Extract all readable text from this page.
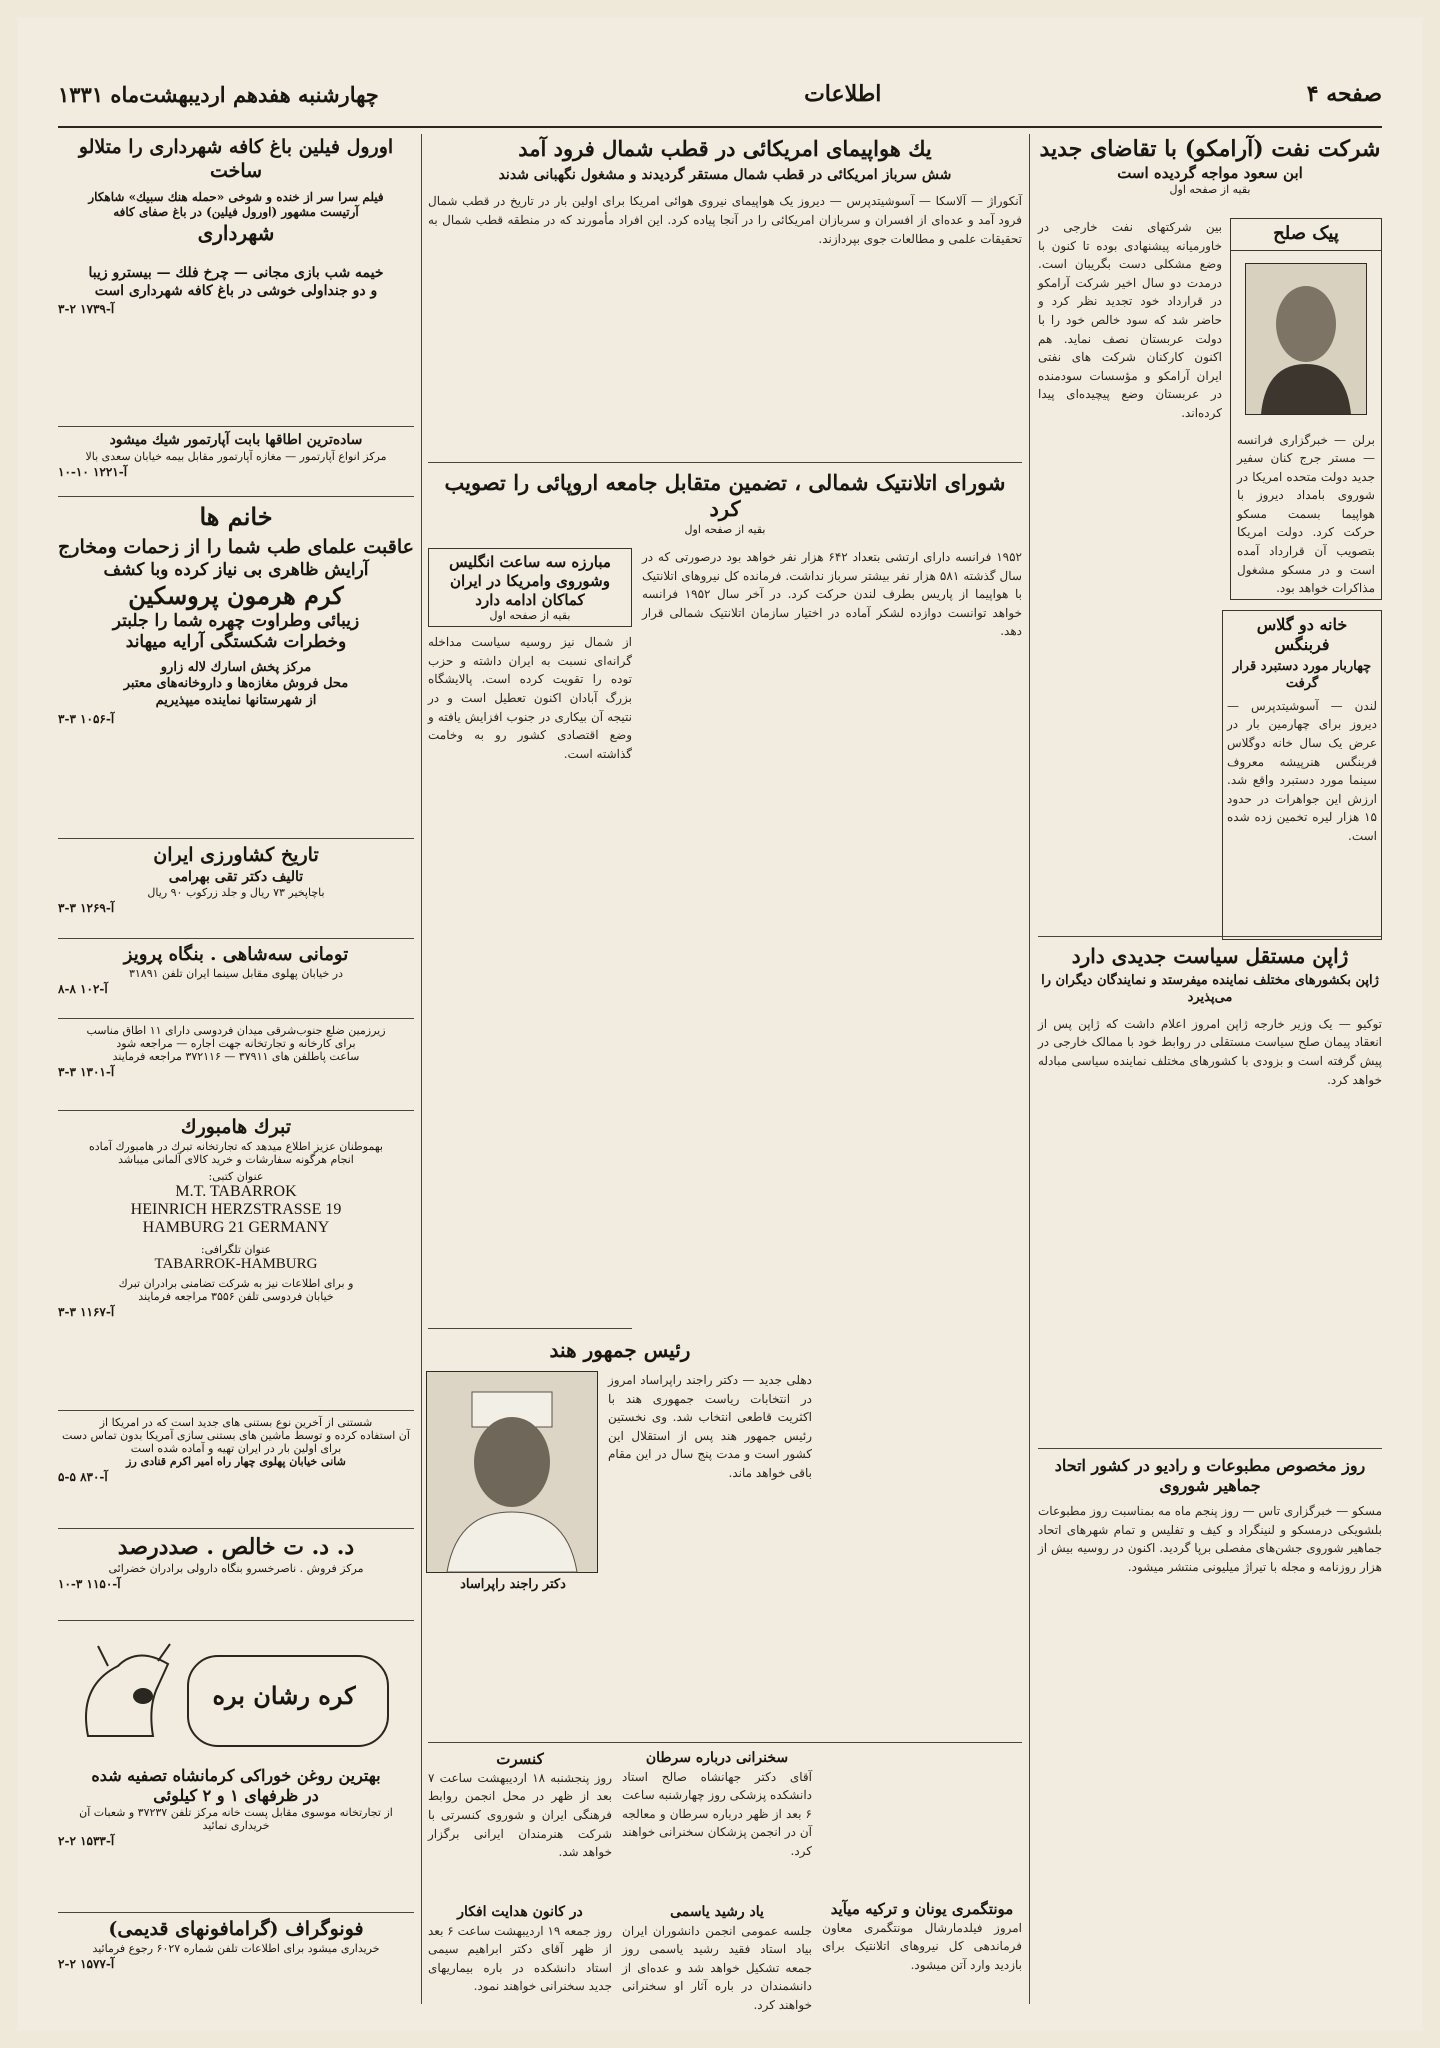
صفحه ۴
اطلاعات
چهارشنبه هفدهم اردیبهشت‌ماه ۱۳۳۱
شرکت نفت (آرامکو) با تقاضای جدید
ابن سعود مواجه گردیده است
بقیه از صفحه اول
بین شرکتهای نفت خارجی در خاورمیانه پیشنهادی بوده تا کنون با وضع مشکلی دست بگریبان است. درمدت دو سال اخیر شرکت آرامکو در قرارداد خود تجدید نظر کرد و حاضر شد که سود خالص خود را با دولت عربستان نصف نماید. هم اکنون کارکنان شرکت های نفتی ایران آرامکو و مؤسسات سودمنده در عربستان وضع پیچیده‌ای پیدا کرده‌اند.
پیک صلح
برلن — خبرگزاری فرانسه — مستر جرج کنان سفیر جدید دولت متحده امریکا در شوروی بامداد دیروز با هواپیما بسمت مسکو حرکت کرد. دولت امریکا بتصویب آن قرارداد آمده است و در مسکو مشغول مذاکرات خواهد بود.
خانه دو گلاس فربنگس
چهاربار مورد دستبرد قرار گرفت
لندن — آسوشیتدپرس — دیروز برای چهارمین بار در عرض یک سال خانه دوگلاس فربنگس هنرپیشه معروف سینما مورد دستبرد واقع شد. ارزش این جواهرات در حدود ۱۵ هزار لیره تخمین زده شده است.
ژاپن مستقل سیاست جدیدی دارد
ژاپن بکشورهای مختلف نماینده میفرستد و نمایندگان دیگران را می‌پذیرد
توکیو — یک وزیر خارجه ژاپن امروز اعلام داشت که ژاپن پس از انعقاد پیمان صلح سیاست مستقلی در روابط خود با ممالک خارجی در پیش گرفته است و بزودی با کشورهای مختلف نماینده سیاسی مبادله خواهد کرد.
روز مخصوص مطبوعات و رادیو در کشور اتحاد جماهیر شوروی
مسکو — خبرگزاری تاس — روز پنجم ماه مه بمناسبت روز مطبوعات بلشویکی درمسکو و لنینگراد و کیف و تفلیس و تمام شهرهای اتحاد جماهیر شوروی جشن‌های مفصلی برپا گردید. اکنون در روسیه بیش از هزار روزنامه و مجله با تیراژ میلیونی منتشر میشود.
یك هواپیمای امریکائی در قطب شمال فرود آمد
شش سرباز امریکائی در قطب شمال مستقر گردیدند و مشغول نگهبانی شدند
آنکوراژ — آلاسکا — آسوشیتدپرس — دیروز یک هواپیمای نیروی هوائی امریکا برای اولین بار در تاریخ در قطب شمال فرود آمد و عده‌ای از افسران و سربازان امریکائی را در آنجا پیاده کرد. این افراد مأمورند که در منطقه قطب شمال به تحقیقات علمی و مطالعات جوی بپردازند.
شورای اتلانتیک شمالی ، تضمین متقابل جامعه اروپائی را تصویب کرد
بقیه از صفحه اول
۱۹۵۲ فرانسه دارای ارتشی بتعداد ۶۴۲ هزار نفر خواهد بود درصورتی که در سال گذشته ۵۸۱ هزار نفر بیشتر سرباز نداشت. فرمانده کل نیروهای اتلانتیک با هواپیما از پاریس بطرف لندن حرکت کرد. در آخر سال ۱۹۵۲ فرانسه خواهد توانست دوازده لشکر آماده در اختیار سازمان اتلانتیک شمالی قرار دهد.
مبارزه سه ساعت انگلیس وشوروی وامریکا در ایران کماکان ادامه دارد
بقیه از صفحه اول
از شمال نیز روسیه سیاست مداخله گرانه‌ای نسبت به ایران داشته و حزب توده را تقویت کرده است. پالایشگاه بزرگ آبادان اکنون تعطیل است و در نتیجه آن بیکاری در جنوب افزایش یافته و وضع اقتصادی کشور رو به وخامت گذاشته است.
رئیس جمهور هند
دهلی جدید — دکتر راجند راپراساد امروز در انتخابات ریاست جمهوری هند با اکثریت قاطعی انتخاب شد. وی نخستین رئیس جمهور هند پس از استقلال این کشور است و مدت پنج سال در این مقام باقی خواهد ماند.
دکتر راجند راپراساد
کنسرت
روز پنجشنبه ۱۸ اردیبهشت ساعت ۷ بعد از ظهر در محل انجمن روابط فرهنگی ایران و شوروی کنسرتی با شرکت هنرمندان ایرانی برگزار خواهد شد.
در کانون هدایت افکار
روز جمعه ۱۹ اردیبهشت ساعت ۶ بعد از ظهر آقای دکتر ابراهیم سیمی استاد دانشکده در باره بیماریهای جدید سخنرانی خواهند نمود.
سخنرانی درباره سرطان
آقای دکتر جهانشاه صالح استاد دانشکده پزشکی روز چهارشنبه ساعت ۶ بعد از ظهر درباره سرطان و معالجه آن در انجمن پزشکان سخنرانی خواهند کرد.
یاد رشید یاسمی
جلسه عمومی انجمن دانشوران ایران بیاد استاد فقید رشید یاسمی روز جمعه تشکیل خواهد شد و عده‌ای از دانشمندان در باره آثار او سخنرانی خواهند کرد.
مونتگمری یونان و ترکیه میآید
امروز فیلدمارشال مونتگمری معاون فرماندهی کل نیروهای اتلانتیک برای بازدید وارد آتن میشود.
اورول فیلین باغ کافه شهرداری را متلالو ساخت
فیلم سرا سر از خنده و شوخی «حمله هنك سبیك» شاهکار
آرتیست مشهور (اورول فیلین) در باغ صفای کافه
شهرداری
خیمه شب بازی مجانی — چرخ فلك — بیسترو زیبا
و دو جنداولی خوشی در باغ کافه شهرداری است
آ-۱۷۳۹ ۲-۳
ساده‌ترین اطاقها بابت آپارتمور شیك میشود
مرکز انواع آپارتمور — مغازه آپارتمور مقابل بیمه خیابان سعدی بالا
آ-۱۲۲۱ ۱۰-۱۰
خانم ها
عاقبت علمای طب شما را از زحمات ومخارج
آرایش ظاهری بی نیاز کرده وبا کشف
کرم هرمون پروسکین
زیبائی وطراوت چهره شما را جلبتر
وخطرات شکستگی آرایه میهاند
مرکز پخش اسارك لاله زارو
محل فروش مغازه‌ها و داروخانه‌های معتبر
از شهرستانها نماینده میپذیریم
آ-۱۰۵۶ ۳-۳
تاریخ کشاورزی ایران
تالیف دکتر تقی بهرامی
باچاپخیر ۷۳ ریال و جلد زرکوب ۹۰ ریال
آ-۱۲۶۹ ۳-۳
تومانی سه‌شاهی . بنگاه پرویز
در خیابان پهلوی مقابل سینما ایران تلفن ۳۱۸۹۱
آ-۱۰۲ ۸-۸
زیرزمین ضلع جنوب‌شرقی میدان فردوسی دارای ۱۱ اطاق مناسب
برای کارخانه و تجارتخانه جهت اجاره — مراجعه شود
ساعت پاطلفن های ۳۷۹۱۱ — ۳۷۲۱۱۶ مراجعه فرمایند
آ-۱۳۰۱ ۳-۳
تبرك هامبورك
بهموطنان عزیز اطلاع میدهد که تجارتخانه تبرك در هامبورك آماده
انجام هرگونه سفارشات و خرید کالای آلمانی میباشد
عنوان کتبی:
M.T. TABARROK
HEINRICH HERZSTRASSE 19
HAMBURG 21 GERMANY
عنوان تلگرافی:
TABARROK-HAMBURG
و برای اطلاعات نیز به شرکت تضامنی برادران تبرك
خیابان فردوسی تلفن ۳۵۵۶ مراجعه فرمایند
آ-۱۱۶۷ ۳-۳
شستنی از آخرین نوع بستنی های جدید است که در امریکا از
آن استفاده کرده و توسط ماشین های بستنی سازی آمریکا بدون تماس دست
برای اولین بار در ایران تهیه و آماده شده است
شانی خیابان پهلوی چهار راه امیر اکرم قنادی رز
آ-۸۳۰ ۵-۵
د. د. ت خالص . صددرصد
مرکز فروش . ناصرخسرو بنگاه دارولی برادران خضرائی
آ-۱۱۵۰ ۳-۱۰
کره رشان بره
بهترین روغن خوراکی کرمانشاه تصفیه شده
در ظرفهای ۱ و ۲ کیلوئی
از تجارتخانه موسوی مقابل پست خانه مرکز تلفن ۳۷۲۳۷ و شعبات آن
خریداری نمائید
آ-۱۵۳۳ ۲-۲
فونوگراف (گرامافونهای قدیمی)
خریداری میشود برای اطلاعات تلفن شماره ۶۰۲۷ رجوع فرمائید
آ-۱۵۷۷ ۲-۲
